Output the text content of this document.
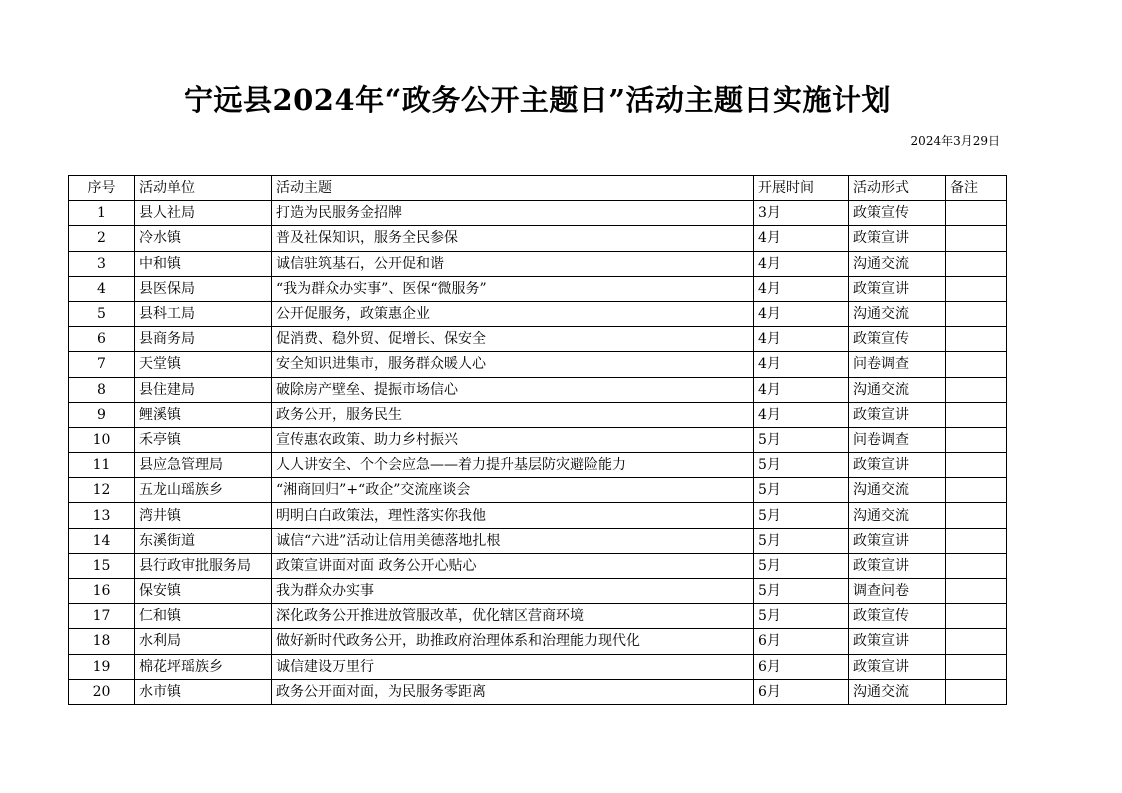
宁远县2024年“政务公开主题日”活动主题日实施计划
2024年3月29日
序号	活动单位	活动主题	开展时间	活动形式	备注
1	县人社局	打造为民服务金招牌	3月	政策宣传	
2	冷水镇	普及社保知识，服务全民参保	4月	政策宣讲	
3	中和镇	诚信驻筑基石，公开促和谐	4月	沟通交流	
4	县医保局	“我为群众办实事”、医保“微服务”	4月	政策宣讲	
5	县科工局	公开促服务，政策惠企业	4月	沟通交流	
6	县商务局	促消费、稳外贸、促增长、保安全	4月	政策宣传	
7	天堂镇	安全知识进集市，服务群众暖人心	4月	问卷调查	
8	县住建局	破除房产壁垒、提振市场信心	4月	沟通交流	
9	鲤溪镇	政务公开，服务民生	4月	政策宣讲	
10	禾亭镇	宣传惠农政策、助力乡村振兴	5月	问卷调查	
11	县应急管理局	人人讲安全、个个会应急——着力提升基层防灾避险能力	5月	政策宣讲	
12	五龙山瑶族乡	“湘商回归”+“政企”交流座谈会	5月	沟通交流	
13	湾井镇	明明白白政策法，理性落实你我他	5月	沟通交流	
14	东溪街道	诚信“六进”活动让信用美德落地扎根	5月	政策宣讲	
15	县行政审批服务局	政策宣讲面对面 政务公开心贴心	5月	政策宣讲	
16	保安镇	我为群众办实事	5月	调查问卷	
17	仁和镇	深化政务公开推进放管服改革，优化辖区营商环境	5月	政策宣传	
18	水利局	做好新时代政务公开，助推政府治理体系和治理能力现代化	6月	政策宣讲	
19	棉花坪瑶族乡	诚信建设万里行	6月	政策宣讲	
20	水市镇	政务公开面对面，为民服务零距离	6月	沟通交流	
